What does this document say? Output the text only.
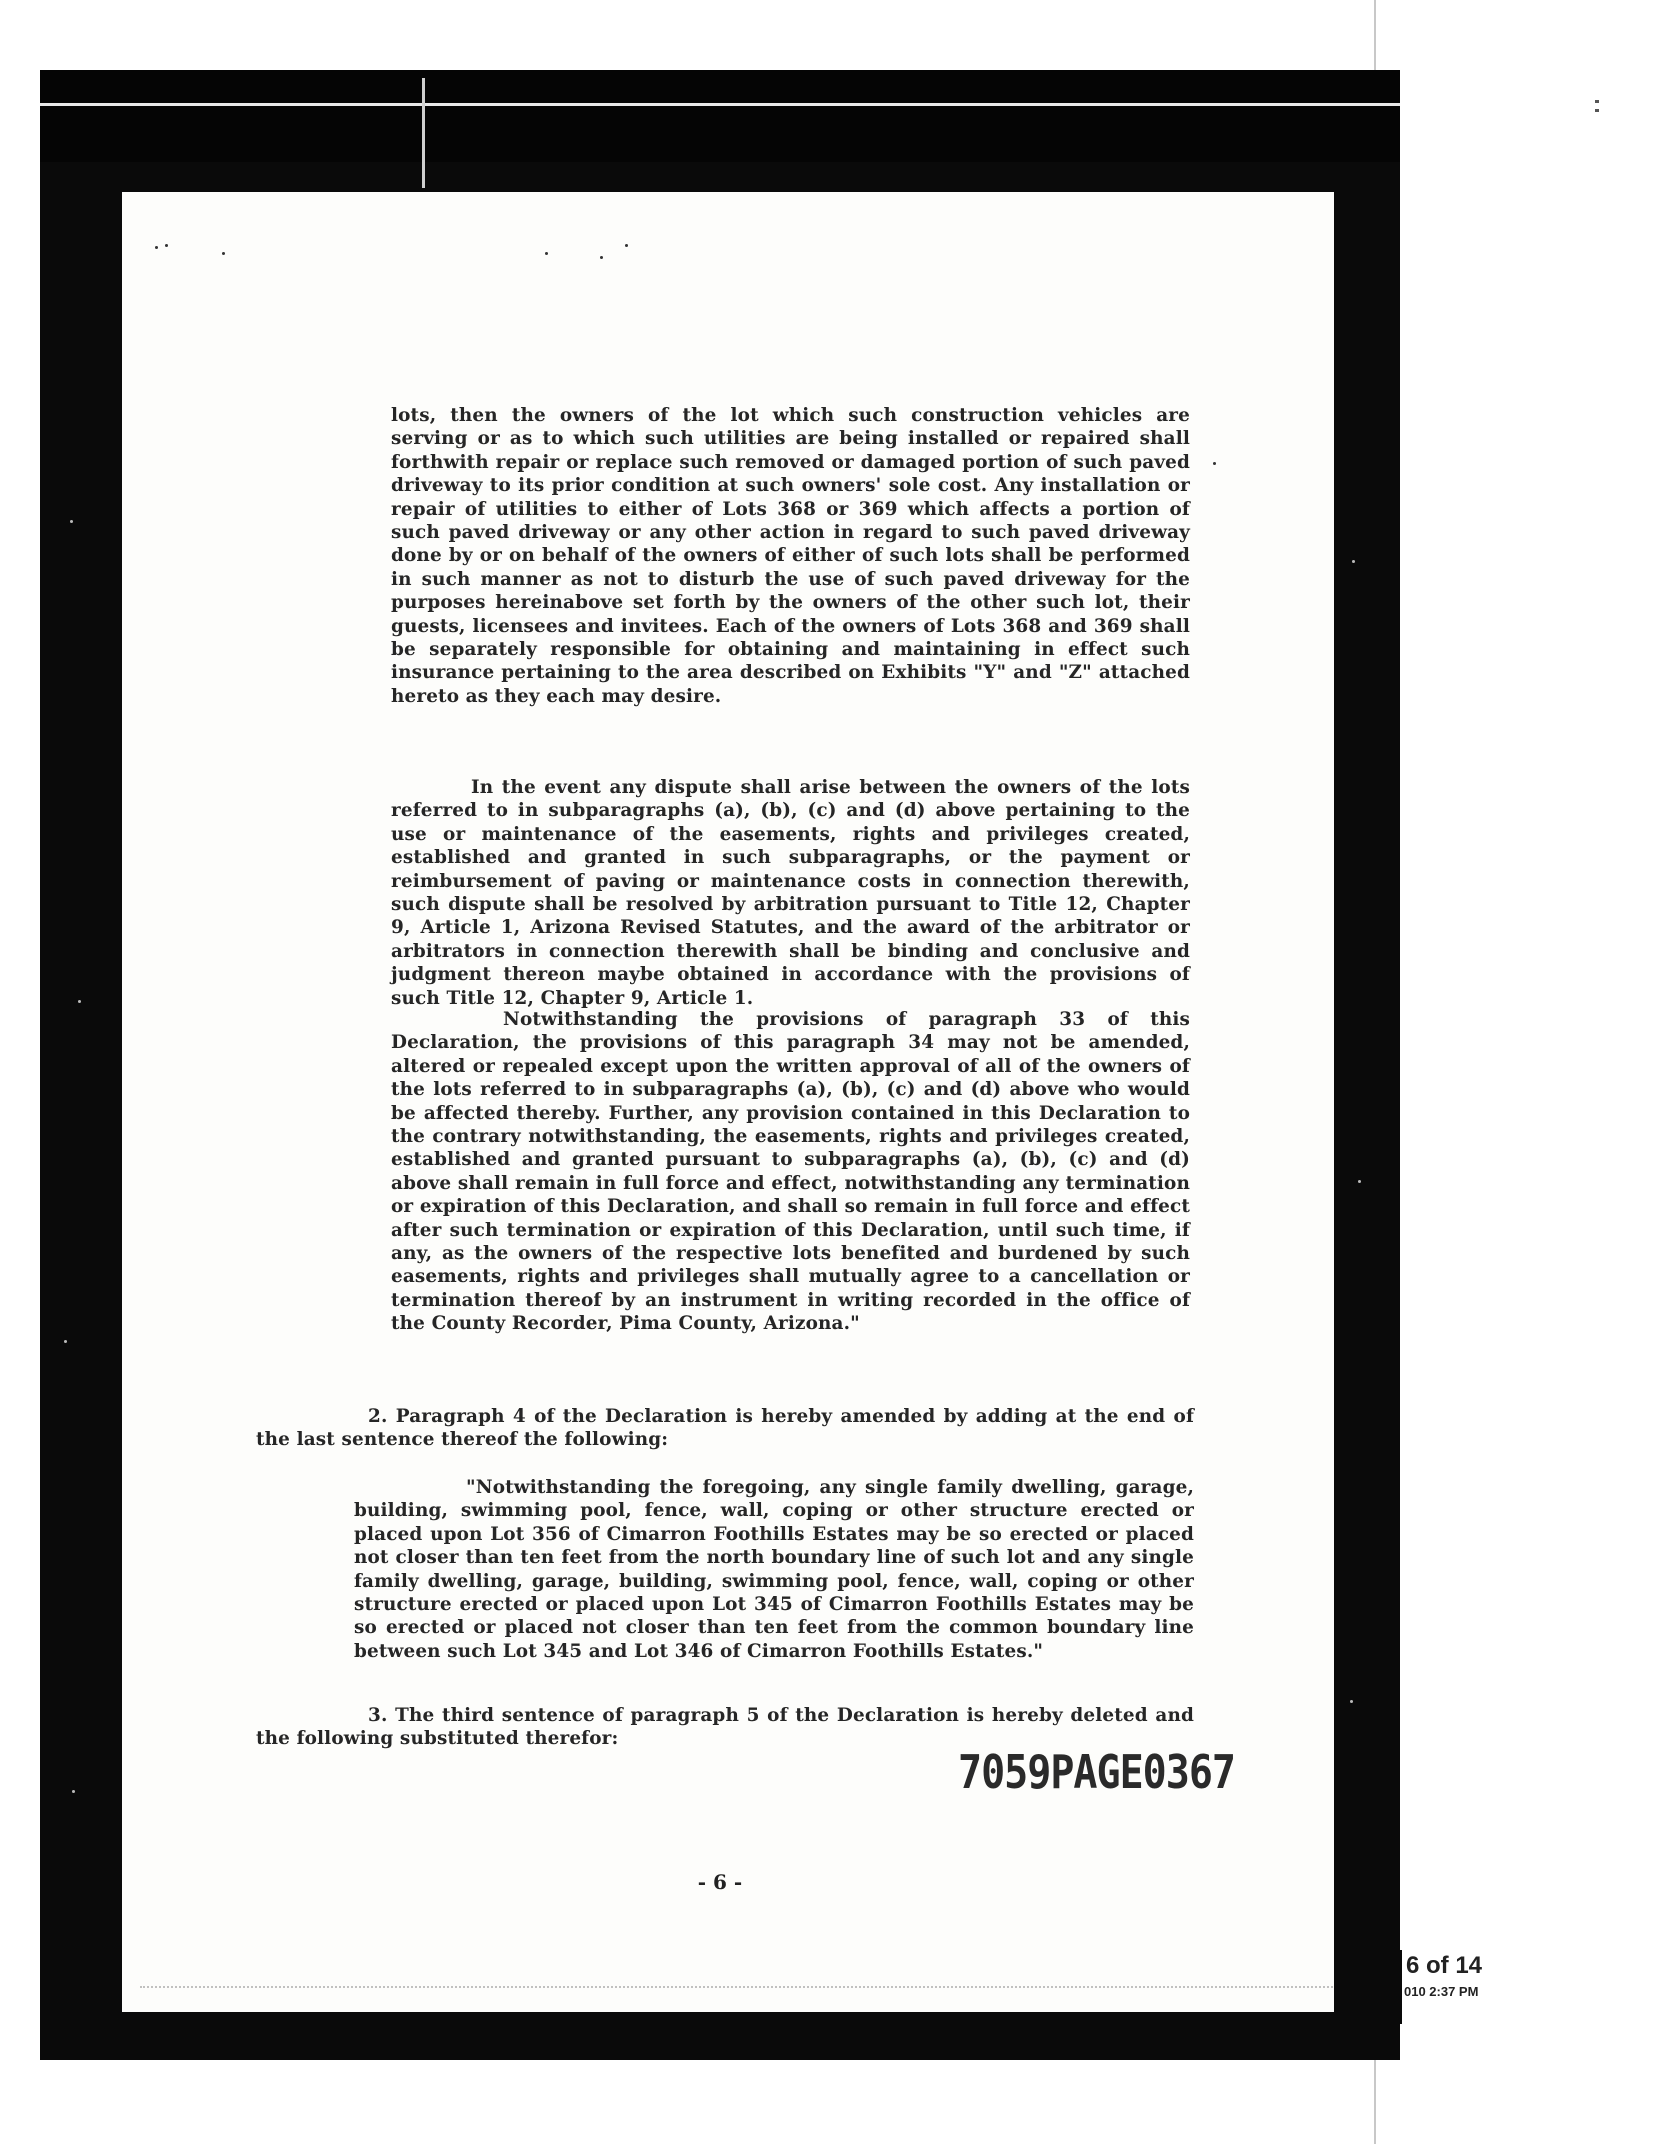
lots, then the owners of the lot which such construction vehicles are serving or as to which such utilities are being installed or repaired shall forthwith repair or replace such removed or damaged portion of such paved driveway to its prior condition at such owners' sole cost. Any installation or repair of utilities to either of Lots 368 or 369 which affects a portion of such paved driveway or any other action in regard to such paved driveway done by or on behalf of the owners of either of such lots shall be performed in such manner as not to disturb the use of such paved driveway for the purposes hereinabove set forth by the owners of the other such lot, their guests, licensees and invitees. Each of the owners of Lots 368 and 369 shall be separately responsible for obtaining and maintaining in effect such insurance pertaining to the area described on Exhibits "Y" and "Z" attached hereto as they each may desire.
In the event any dispute shall arise between the owners of the lots referred to in subparagraphs (a), (b), (c) and (d) above pertaining to the use or maintenance of the easements, rights and privileges created, established and granted in such subparagraphs, or the payment or reimbursement of paving or maintenance costs in connection therewith, such dispute shall be resolved by arbitration pursuant to Title 12, Chapter 9, Article 1, Arizona Revised Statutes, and the award of the arbitrator or arbitrators in connection therewith shall be binding and conclusive and judgment thereon maybe obtained in accordance with the provisions of such Title 12, Chapter 9, Article 1.
Notwithstanding the provisions of paragraph 33 of this Declaration, the provisions of this paragraph 34 may not be amended, altered or repealed except upon the written approval of all of the owners of the lots referred to in subparagraphs (a), (b), (c) and (d) above who would be affected thereby. Further, any provision contained in this Declaration to the contrary notwithstanding, the easements, rights and privileges created, established and granted pursuant to subparagraphs (a), (b), (c) and (d) above shall remain in full force and effect, notwithstanding any termination or expiration of this Declaration, and shall so remain in full force and effect after such termination or expiration of this Declaration, until such time, if any, as the owners of the respective lots benefited and burdened by such easements, rights and privileges shall mutually agree to a cancellation or termination thereof by an instrument in writing recorded in the office of the County Recorder, Pima County, Arizona."
2. Paragraph 4 of the Declaration is hereby amended by adding at the end of the last sentence thereof the following:
"Notwithstanding the foregoing, any single family dwelling, garage, building, swimming pool, fence, wall, coping or other structure erected or placed upon Lot 356 of Cimarron Foothills Estates may be so erected or placed not closer than ten feet from the north boundary line of such lot and any single family dwelling, garage, building, swimming pool, fence, wall, coping or other structure erected or placed upon Lot 345 of Cimarron Foothills Estates may be so erected or placed not closer than ten feet from the common boundary line between such Lot 345 and Lot 346 of Cimarron Foothills Estates."
3. The third sentence of paragraph 5 of the Declaration is hereby deleted and the following substituted therefor:
7059PAGE0367
- 6 -
6 of 14
010 2:37 PM
